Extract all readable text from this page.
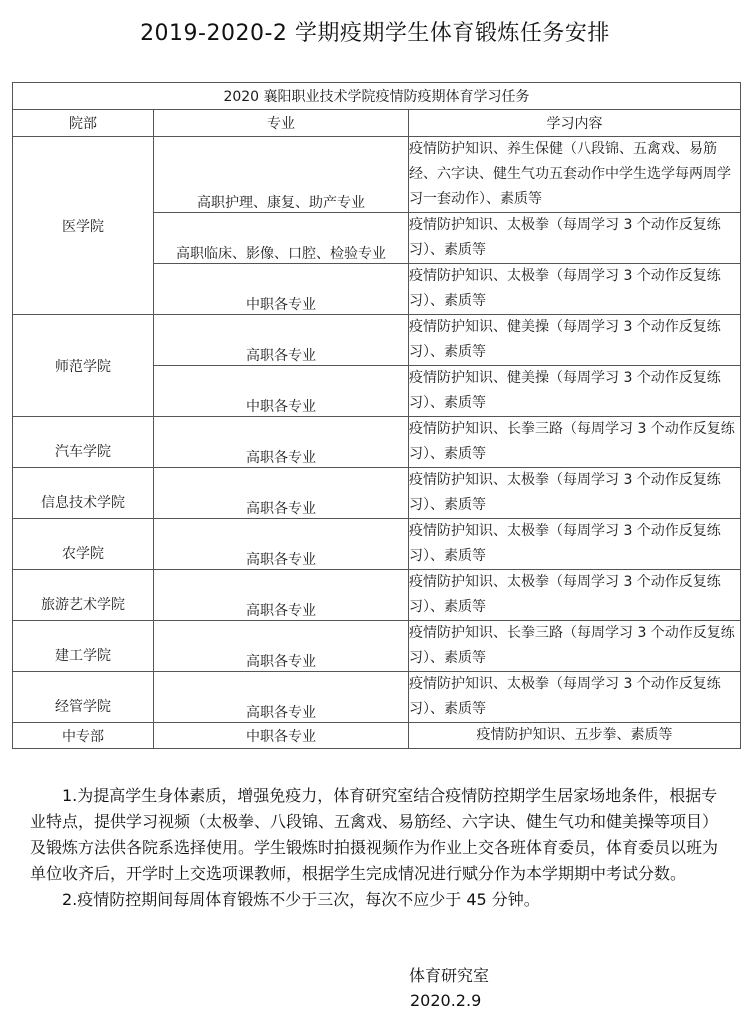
2019-2020-2 学期疫期学生体育锻炼任务安排
2020 襄阳职业技术学院疫情防疫期体育学习任务		
院部	专业	学习内容
医学院	高职护理、康复、助产专业	疫情防护知识、养生保健（八段锦、五禽戏、易筋经、六字诀、健生气功五套动作中学生选学每两周学习一套动作）、素质等
	高职临床、影像、口腔、检验专业	疫情防护知识、太极拳（每周学习 3 个动作反复练习）、素质等
	中职各专业	疫情防护知识、太极拳（每周学习 3 个动作反复练习）、素质等
师范学院	高职各专业	疫情防护知识、健美操（每周学习 3 个动作反复练习）、素质等
	中职各专业	疫情防护知识、健美操（每周学习 3 个动作反复练习）、素质等
汽车学院	高职各专业	疫情防护知识、长拳三路（每周学习 3 个动作反复练习）、素质等
信息技术学院	高职各专业	疫情防护知识、太极拳（每周学习 3 个动作反复练习）、素质等
农学院	高职各专业	疫情防护知识、太极拳（每周学习 3 个动作反复练习）、素质等
旅游艺术学院	高职各专业	疫情防护知识、太极拳（每周学习 3 个动作反复练习）、素质等
建工学院	高职各专业	疫情防护知识、长拳三路（每周学习 3 个动作反复练习）、素质等
经管学院	高职各专业	疫情防护知识、太极拳（每周学习 3 个动作反复练习）、素质等
中专部	中职各专业	疫情防护知识、五步拳、素质等

1.为提高学生身体素质，增强免疫力，体育研究室结合疫情防控期学生居家场地条件，根据专业特点，提供学习视频（太极拳、八段锦、五禽戏、易筋经、六字诀、健生气功和健美操等项目）及锻炼方法供各院系选择使用。学生锻炼时拍摄视频作为作业上交各班体育委员，体育委员以班为单位收齐后，开学时上交选项课教师，根据学生完成情况进行赋分作为本学期期中考试分数。

2.疫情防控期间每周体育锻炼不少于三次，每次不应少于 45 分钟。

体育研究室
2020.2.9
